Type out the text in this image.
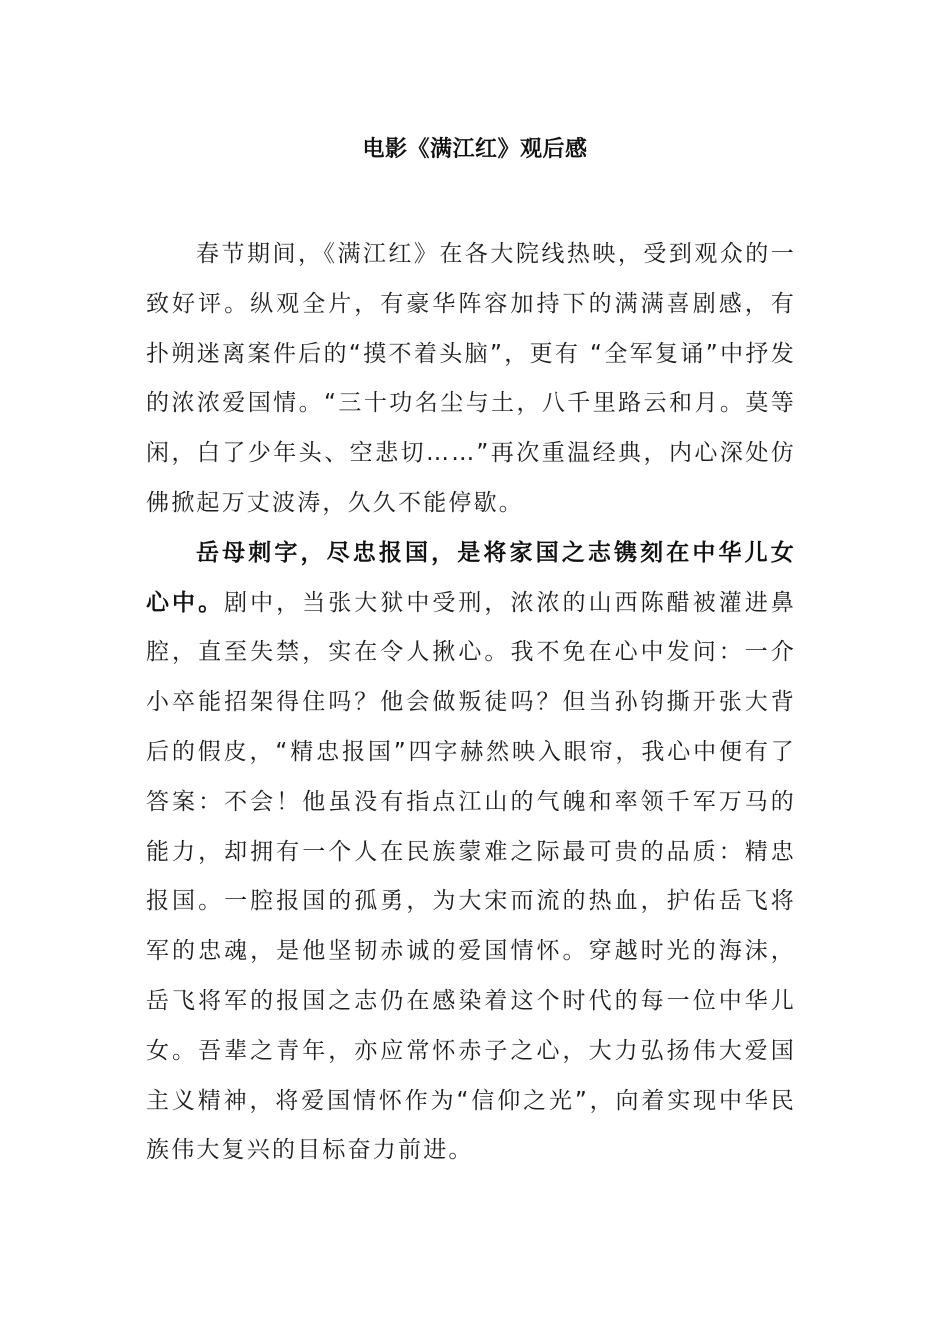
电影《满江红》观后感

春节期间，《满江红》在各大院线热映，受到观众的一致好评。纵观全片，有豪华阵容加持下的满满喜剧感，有扑朔迷离案件后的“摸不着头脑”，更有 “全军复诵”中抒发的浓浓爱国情。“三十功名尘与土，八千里路云和月。莫等闲，白了少年头、空悲切……”再次重温经典，内心深处仿佛掀起万丈波涛，久久不能停歇。

岳母刺字，尽忠报国，是将家国之志镌刻在中华儿女心中。剧中，当张大狱中受刑，浓浓的山西陈醋被灌进鼻腔，直至失禁，实在令人揪心。我不免在心中发问：一介小卒能招架得住吗？他会做叛徒吗？但当孙钧撕开张大背后的假皮，“精忠报国”四字赫然映入眼帘，我心中便有了答案：不会！他虽没有指点江山的气魄和率领千军万马的能力，却拥有一个人在民族蒙难之际最可贵的品质：精忠报国。一腔报国的孤勇，为大宋而流的热血，护佑岳飞将军的忠魂，是他坚韧赤诚的爱国情怀。穿越时光的海沫，岳飞将军的报国之志仍在感染着这个时代的每一位中华儿女。吾辈之青年，亦应常怀赤子之心，大力弘扬伟大爱国主义精神，将爱国情怀作为“信仰之光”，向着实现中华民族伟大复兴的目标奋力前进。
